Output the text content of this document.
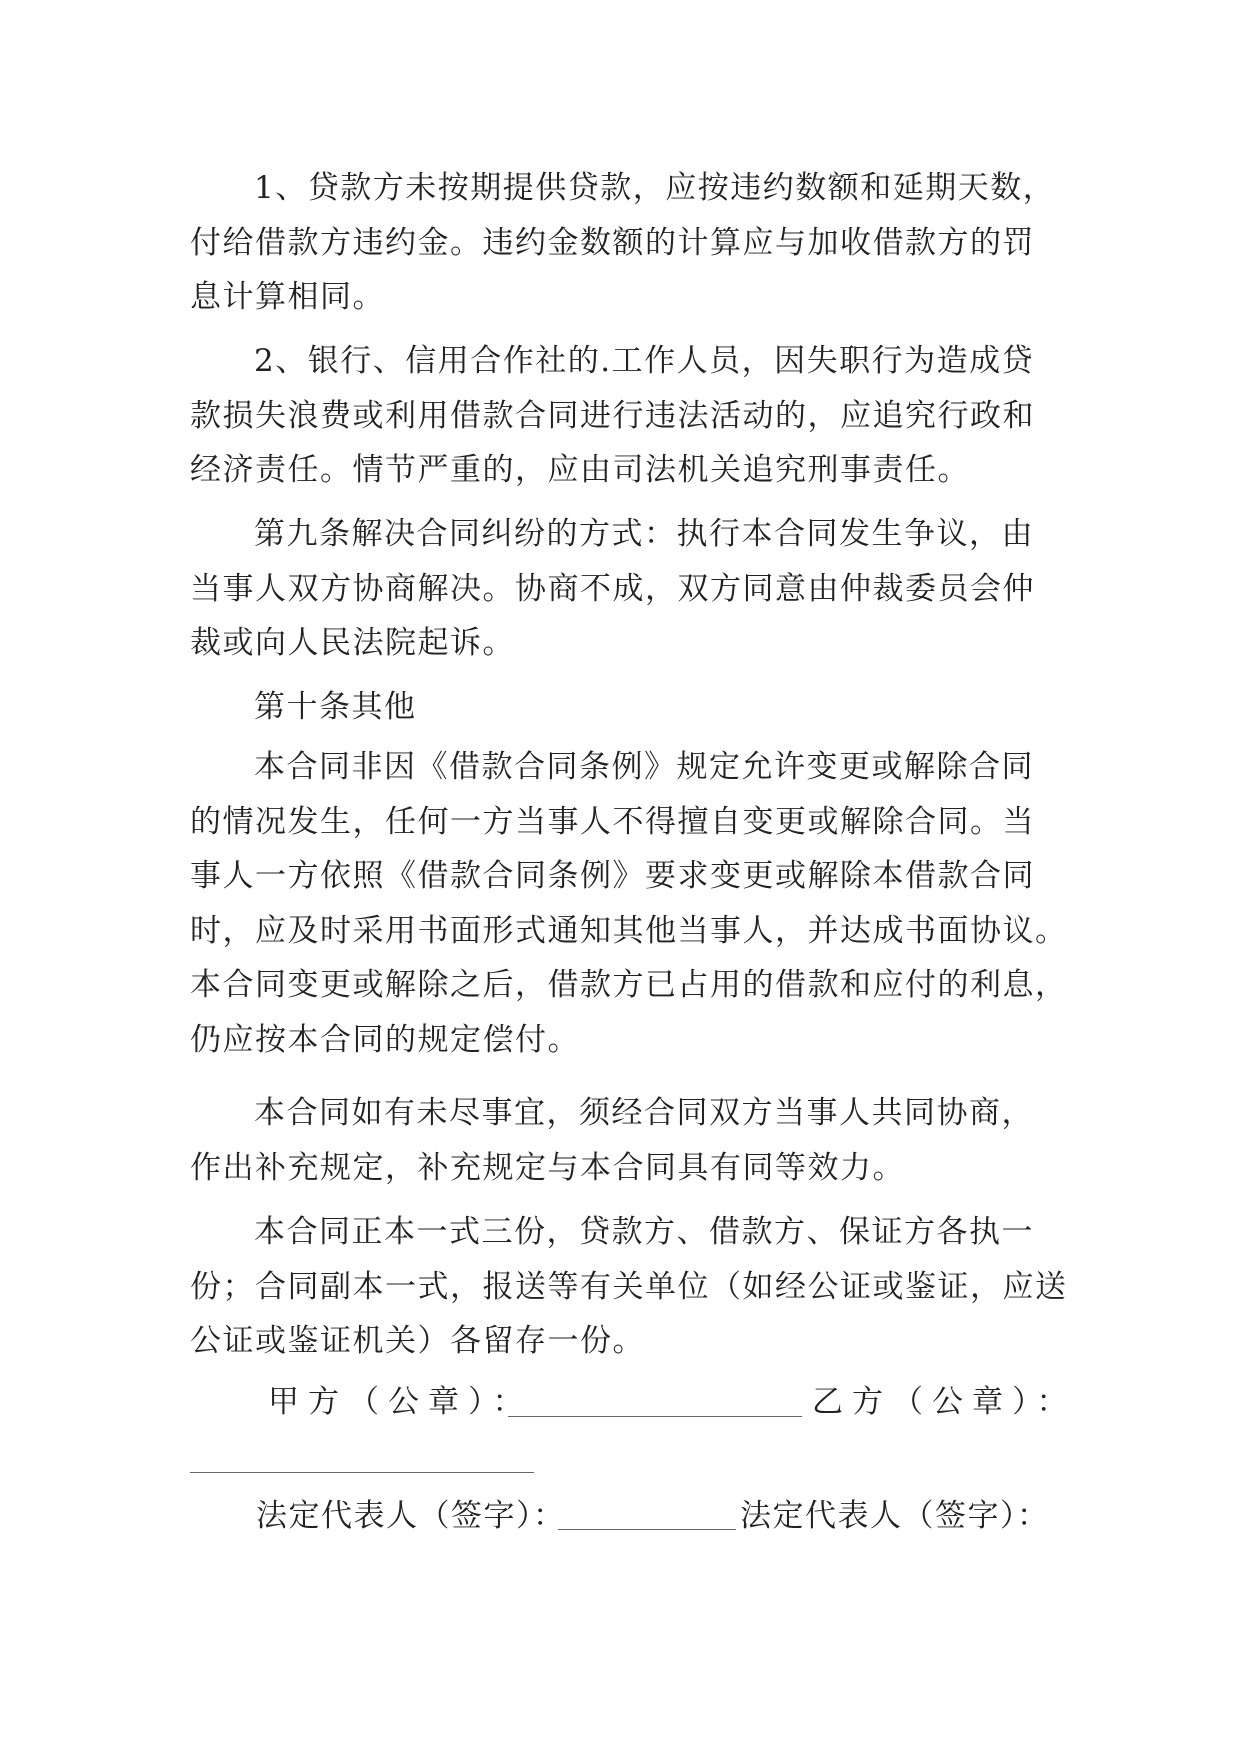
1、贷款方未按期提供贷款，应按违约数额和延期天数，
付给借款方违约金。违约金数额的计算应与加收借款方的罚
息计算相同。
2、银行、信用合作社的.工作人员，因失职行为造成贷
款损失浪费或利用借款合同进行违法活动的，应追究行政和
经济责任。情节严重的，应由司法机关追究刑事责任。
第九条解决合同纠纷的方式：执行本合同发生争议，由
当事人双方协商解决。协商不成，双方同意由仲裁委员会仲
裁或向人民法院起诉。
第十条其他
本合同非因《借款合同条例》规定允许变更或解除合同
的情况发生，任何一方当事人不得擅自变更或解除合同。当
事人一方依照《借款合同条例》要求变更或解除本借款合同
时，应及时采用书面形式通知其他当事人，并达成书面协议。
本合同变更或解除之后，借款方已占用的借款和应付的利息，
仍应按本合同的规定偿付。
本合同如有未尽事宜，须经合同双方当事人共同协商，
作出补充规定，补充规定与本合同具有同等效力。
本合同正本一式三份，贷款方、借款方、保证方各执一
份；合同副本一式，报送等有关单位（如经公证或鉴证，应送
公证或鉴证机关）各留存一份。
甲方（公章）：	乙方（公章）：
法定代表人（签字）：	法定代表人（签字）：
